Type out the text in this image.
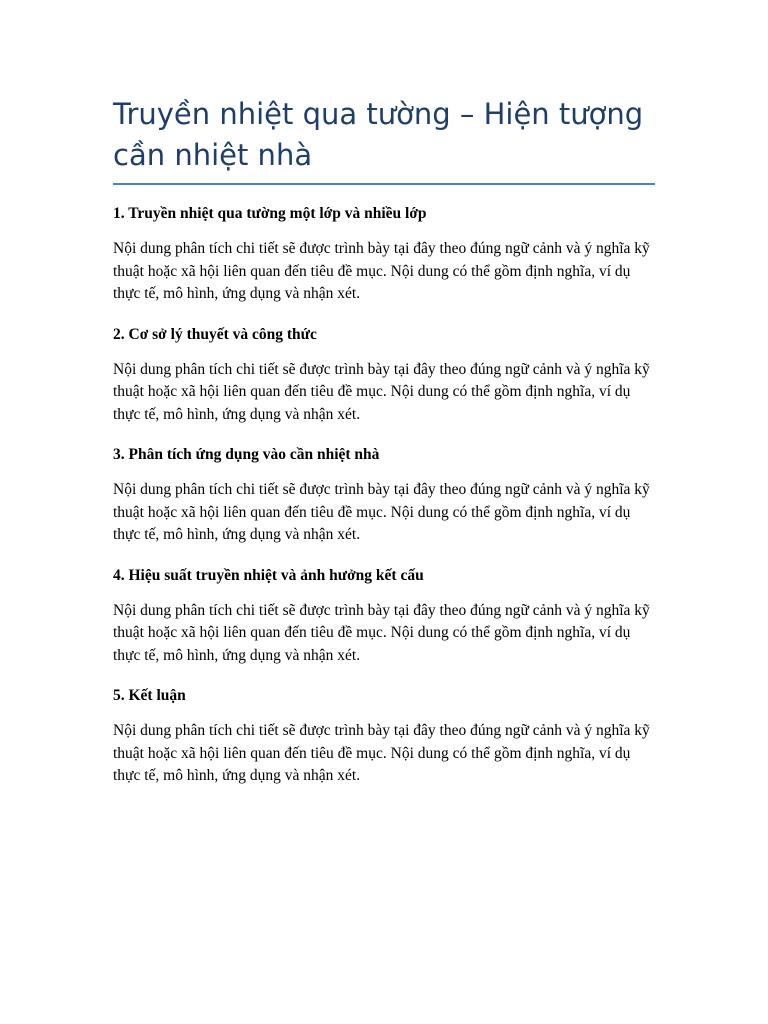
Truyền nhiệt qua tường – Hiện tượng cần nhiệt nhà

1. Truyền nhiệt qua tường một lớp và nhiều lớp

Nội dung phân tích chi tiết sẽ được trình bày tại đây theo đúng ngữ cảnh và ý nghĩa kỹ thuật hoặc xã hội liên quan đến tiêu đề mục. Nội dung có thể gồm định nghĩa, ví dụ thực tế, mô hình, ứng dụng và nhận xét.

2. Cơ sở lý thuyết và công thức

Nội dung phân tích chi tiết sẽ được trình bày tại đây theo đúng ngữ cảnh và ý nghĩa kỹ thuật hoặc xã hội liên quan đến tiêu đề mục. Nội dung có thể gồm định nghĩa, ví dụ thực tế, mô hình, ứng dụng và nhận xét.

3. Phân tích ứng dụng vào cần nhiệt nhà

Nội dung phân tích chi tiết sẽ được trình bày tại đây theo đúng ngữ cảnh và ý nghĩa kỹ thuật hoặc xã hội liên quan đến tiêu đề mục. Nội dung có thể gồm định nghĩa, ví dụ thực tế, mô hình, ứng dụng và nhận xét.

4. Hiệu suất truyền nhiệt và ảnh hưởng kết cấu

Nội dung phân tích chi tiết sẽ được trình bày tại đây theo đúng ngữ cảnh và ý nghĩa kỹ thuật hoặc xã hội liên quan đến tiêu đề mục. Nội dung có thể gồm định nghĩa, ví dụ thực tế, mô hình, ứng dụng và nhận xét.

5. Kết luận

Nội dung phân tích chi tiết sẽ được trình bày tại đây theo đúng ngữ cảnh và ý nghĩa kỹ thuật hoặc xã hội liên quan đến tiêu đề mục. Nội dung có thể gồm định nghĩa, ví dụ thực tế, mô hình, ứng dụng và nhận xét.
